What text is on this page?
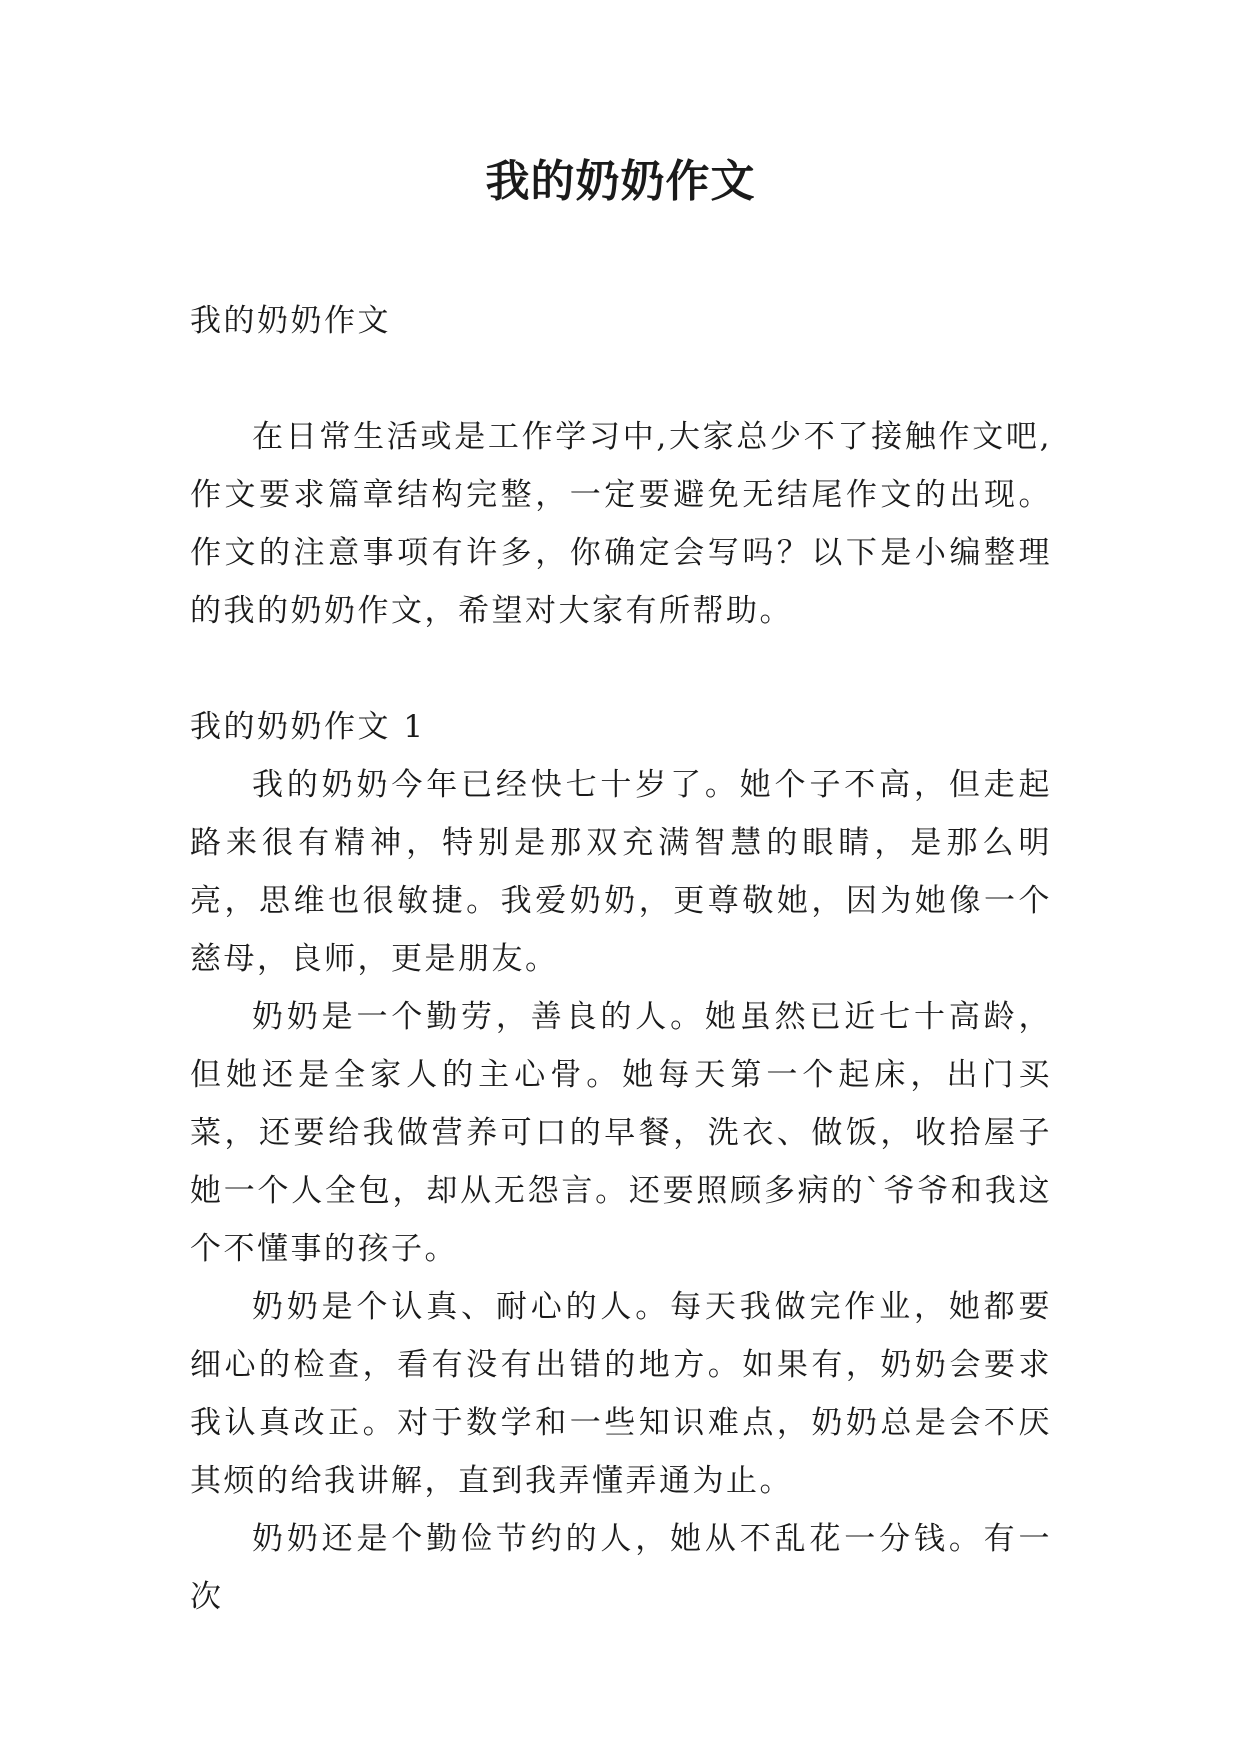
我的奶奶作文

我的奶奶作文

在日常生活或是工作学习中,大家总少不了接触作文吧,作文要求篇章结构完整，一定要避免无结尾作文的出现。作文的注意事项有许多，你确定会写吗？以下是小编整理的我的奶奶作文，希望对大家有所帮助。

我的奶奶作文 1

我的奶奶今年已经快七十岁了。她个子不高，但走起路来很有精神，特别是那双充满智慧的眼睛，是那么明亮，思维也很敏捷。我爱奶奶，更尊敬她，因为她像一个慈母，良师，更是朋友。

奶奶是一个勤劳，善良的人。她虽然已近七十高龄，但她还是全家人的主心骨。她每天第一个起床，出门买菜，还要给我做营养可口的早餐，洗衣、做饭，收拾屋子她一个人全包，却从无怨言。还要照顾多病的`爷爷和我这个不懂事的孩子。

奶奶是个认真、耐心的人。每天我做完作业，她都要细心的检查，看有没有出错的地方。如果有，奶奶会要求我认真改正。对于数学和一些知识难点，奶奶总是会不厌其烦的给我讲解，直到我弄懂弄通为止。

奶奶还是个勤俭节约的人，她从不乱花一分钱。有一次
